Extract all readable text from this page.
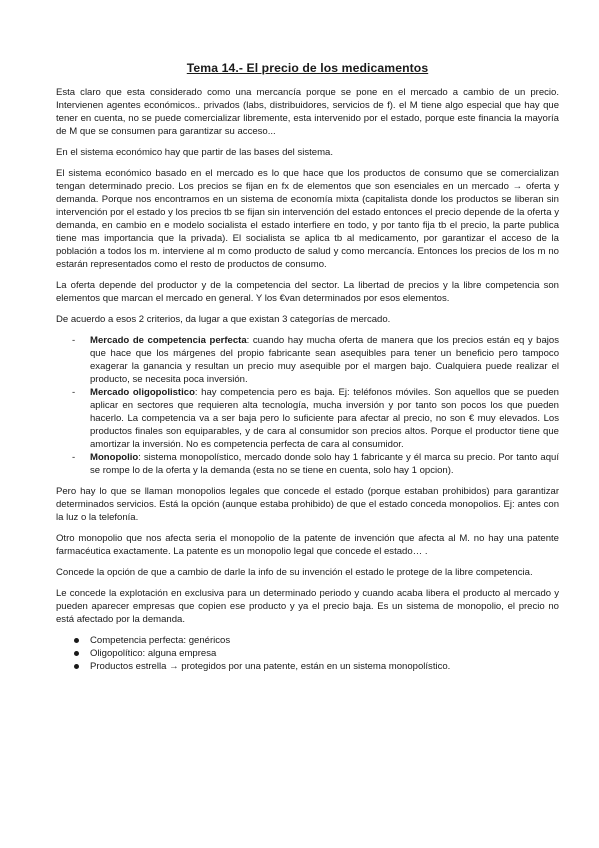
Tema 14.- El precio de los medicamentos

Esta claro que esta considerado como una mercancía porque se pone en el mercado a cambio de un precio. Intervienen agentes económicos.. privados (labs, distribuidores, servicios de f). el M tiene algo especial que hay que tener en cuenta, no se puede comercializar libremente, esta intervenido por el estado, porque este financia la mayoría de M que se consumen para garantizar su acceso...

En el sistema económico hay que partir de las bases del sistema.

El sistema económico basado en el mercado es lo que hace que los productos de consumo que se comercializan tengan determinado precio. Los precios se fijan en fx de elementos que son esenciales en un mercado → oferta y demanda. Porque nos encontramos en un sistema de economía mixta (capitalista donde los productos se liberan sin intervención por el estado y los precios tb se fijan sin intervención del estado entonces el precio depende de la oferta y demanda, en cambio en e modelo socialista el estado interfiere en todo, y por tanto fija tb el precio, la parte publica tiene mas importancia que la privada). El socialista se aplica tb al medicamento, por garantizar el acceso de la población a todos los m. interviene al m como producto de salud y como mercancía. Entonces los precios de los m no estarán representados como el resto de productos de consumo.

La oferta depende del productor y de la competencia del sector. La libertad de precios y la libre competencia son elementos que marcan el mercado en general. Y los €van determinados por esos elementos.

De acuerdo a esos 2 criterios, da lugar a que existan 3 categorías de mercado.

- Mercado de competencia perfecta: cuando hay mucha oferta de manera que los precios están eq y bajos que hace que los márgenes del propio fabricante sean asequibles para tener un beneficio pero tampoco exagerar la ganancia y resultan un precio muy asequible por el margen bajo. Cualquiera puede realizar el producto, se necesita poca inversión.
- Mercado oligopolistico: hay competencia pero es baja. Ej: teléfonos móviles. Son aquellos que se pueden aplicar en sectores que requieren alta tecnología, mucha inversión y por tanto son pocos los que pueden hacerlo. La competencia va a ser baja pero lo suficiente para afectar al precio, no son € muy elevados. Los productos finales son equiparables, y de cara al consumidor son precios altos. Porque el productor tiene que amortizar la inversión. No es competencia perfecta de cara al consumidor.
- Monopolio: sistema monopolístico, mercado donde solo hay 1 fabricante y él marca su precio. Por tanto aquí se rompe lo de la oferta y la demanda (esta no se tiene en cuenta, solo hay 1 opcion).

Pero hay lo que se llaman monopolios legales que concede el estado (porque estaban prohibidos) para garantizar determinados servicios. Está la opción (aunque estaba prohibido) de que el estado conceda monopolios. Ej: antes con la luz o la telefonía.

Otro monopolio que nos afecta seria el monopolio de la patente de invención que afecta al M. no hay una patente farmacéutica exactamente. La patente es un monopolio legal que concede el estado… .

Concede la opción de que a cambio de darle la info de su invención el estado le protege de la libre competencia.

Le concede la explotación en exclusiva para un determinado periodo y cuando acaba libera el producto al mercado y pueden aparecer empresas que copien ese producto y ya el precio baja. Es un sistema de monopolio, el precio no está afectado por la demanda.

Competencia perfecta: genéricos
Oligopolítico: alguna empresa
Productos estrella → protegidos por una patente, están en un sistema monopolístico.
